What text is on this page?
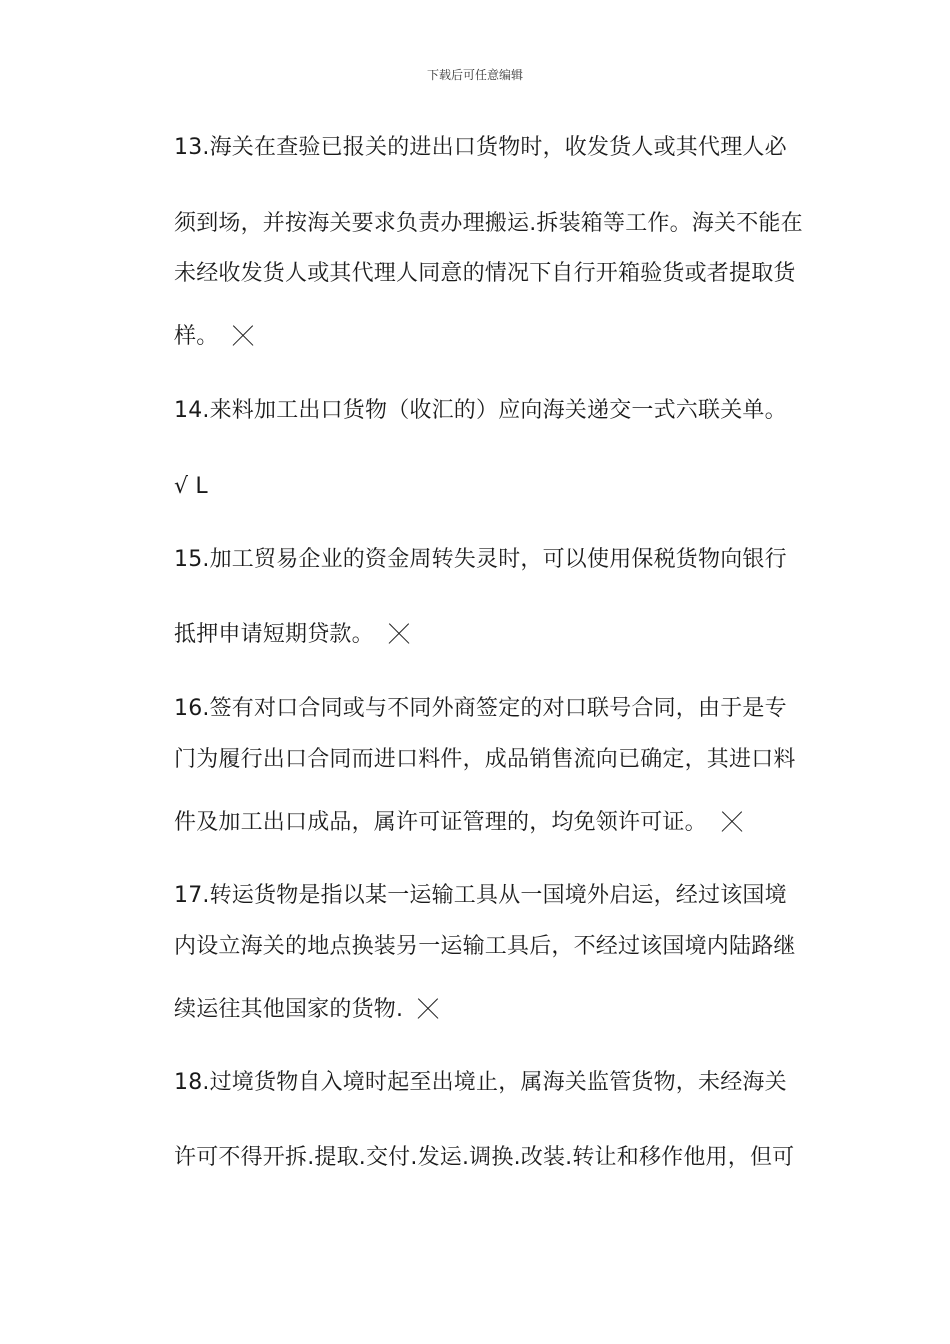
下载后可任意编辑
13.海关在查验已报关的进出口货物时，收发货人或其代理人必
须到场，并按海关要求负责办理搬运.拆装箱等工作。海关不能在
未经收发货人或其代理人同意的情况下自行开箱验货或者提取货
样。
14.来料加工出口货物（收汇的）应向海关递交一式六联关单。
√ L
15.加工贸易企业的资金周转失灵时，可以使用保税货物向银行
抵押申请短期贷款。
16.签有对口合同或与不同外商签定的对口联号合同，由于是专
门为履行出口合同而进口料件，成品销售流向已确定，其进口料
件及加工出口成品，属许可证管理的，均免领许可证。
17.转运货物是指以某一运输工具从一国境外启运，经过该国境
内设立海关的地点换装另一运输工具后，不经过该国境内陆路继
续运往其他国家的货物.
18.过境货物自入境时起至出境止，属海关监管货物，未经海关
许可不得开拆.提取.交付.发运.调换.改装.转让和移作他用，但可
